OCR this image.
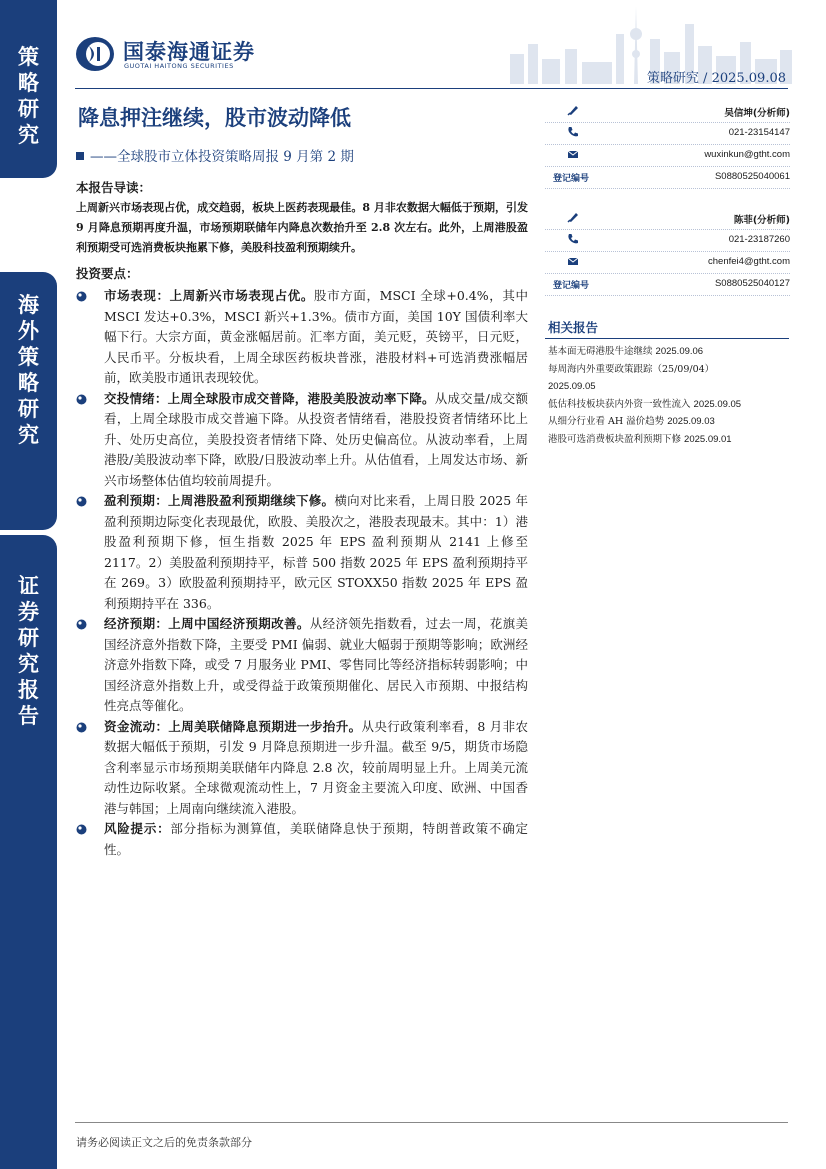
策
略
研
究
海
外
策
略
研
究
证
券
研
究
报
告
国泰海通证券
GUOTAI HAITONG SECURITIES
策略研究 / 2025.09.08
降息押注继续，股市波动降低
——全球股市立体投资策略周报 9 月第 2 期
本报告导读：
上周新兴市场表现占优，成交趋弱，板块上医药表现最佳。8 月非农数据大幅低于预期，引发 9 月降息预期再度升温，市场预期联储年内降息次数抬升至 2.8 次左右。此外，上周港股盈利预期受可选消费板块拖累下修，美股科技盈利预期续升。
投资要点：
市场表现：上周新兴市场表现占优。股市方面，MSCI 全球+0.4%，其中 MSCI 发达+0.3%，MSCI 新兴+1.3%。债市方面，美国 10Y 国债利率大幅下行。大宗方面，黄金涨幅居前。汇率方面，美元贬，英镑平，日元贬，人民币平。分板块看，上周全球医药板块普涨，港股材料+可选消费涨幅居前，欧美股市通讯表现较优。
交投情绪：上周全球股市成交普降，港股美股波动率下降。从成交量/成交额看，上周全球股市成交普遍下降。从投资者情绪看，港股投资者情绪环比上升、处历史高位，美股投资者情绪下降、处历史偏高位。从波动率看，上周港股/美股波动率下降，欧股/日股波动率上升。从估值看，上周发达市场、新兴市场整体估值均较前周提升。
盈利预期：上周港股盈利预期继续下修。横向对比来看，上周日股 2025 年盈利预期边际变化表现最优，欧股、美股次之，港股表现最末。其中：1）港股盈利预期下修，恒生指数 2025 年 EPS 盈利预期从 2141 上修至 2117。2）美股盈利预期持平，标普 500 指数 2025 年 EPS 盈利预期持平在 269。3）欧股盈利预期持平，欧元区 STOXX50 指数 2025 年 EPS 盈利预期持平在 336。
经济预期：上周中国经济预期改善。从经济领先指数看，过去一周，花旗美国经济意外指数下降，主要受 PMI 偏弱、就业大幅弱于预期等影响；欧洲经济意外指数下降，或受 7 月服务业 PMI、零售同比等经济指标转弱影响；中国经济意外指数上升，或受得益于政策预期催化、居民入市预期、中报结构性亮点等催化。
资金流动：上周美联储降息预期进一步抬升。从央行政策利率看，8 月非农数据大幅低于预期，引发 9 月降息预期进一步升温。截至 9/5，期货市场隐含利率显示市场预期美联储年内降息 2.8 次，较前周明显上升。上周美元流动性边际收紧。全球微观流动性上，7 月资金主要流入印度、欧洲、中国香港与韩国；上周南向继续流入港股。
风险提示：部分指标为测算值，美联储降息快于预期，特朗普政策不确定性。
吴信坤(分析师)
021-23154147
wuxinkun@gtht.com
登记编号	S0880525040061
陈菲(分析师)
021-23187260
chenfei4@gtht.com
登记编号	S0880525040127
相关报告
基本面无碍港股牛途继续 2025.09.06
每周海内外重要政策跟踪（25/09/04）
2025.09.05
低估科技板块获内外资一致性流入 2025.09.05
从细分行业看 AH 溢价趋势 2025.09.03
港股可选消费板块盈利预期下修 2025.09.01
请务必阅读正文之后的免责条款部分
